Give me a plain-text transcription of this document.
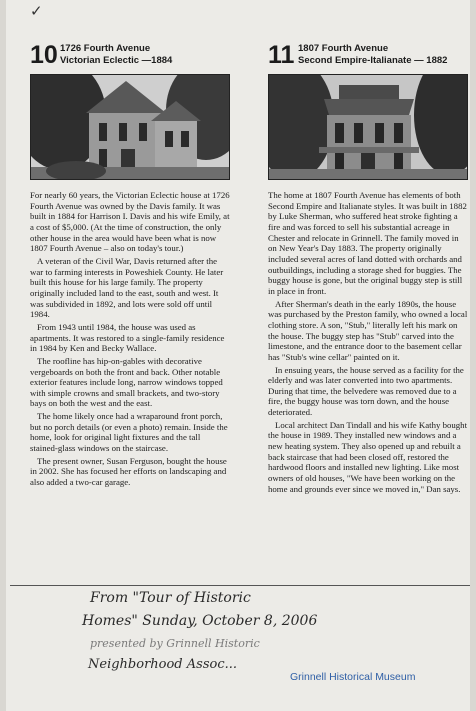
✓
10 1726 Fourth Avenue
Victorian Eclectic —1884

For nearly 60 years, the Victorian Eclectic house at 1726 Fourth Avenue was owned by the Davis family. It was built in 1884 for Harrison I. Davis and his wife Emily, at a cost of $5,000. (At the time of construction, the only other house in the area would have been what is now 1807 Fourth Avenue – also on today's tour.)

A veteran of the Civil War, Davis returned after the war to farming interests in Poweshiek County. He later built this house for his large family. The property originally included land to the east, south and west. It was subdivided in 1892, and lots were sold off until 1984.

From 1943 until 1984, the house was used as apartments. It was restored to a single-family residence in 1984 by Ken and Becky Wallace.

The roofline has hip-on-gables with decorative vergeboards on both the front and back. Other notable exterior features include long, narrow windows topped with simple crowns and small brackets, and two-story bays on both the west and the east.

The home likely once had a wraparound front porch, but no porch details (or even a photo) remain. Inside the home, look for original light fixtures and the tall stained-glass windows on the staircase.

The present owner, Susan Ferguson, bought the house in 2002. She has focused her efforts on landscaping and also added a two-car garage.

11 1807 Fourth Avenue
Second Empire-Italianate — 1882

The home at 1807 Fourth Avenue has elements of both Second Empire and Italianate styles. It was built in 1882 by Luke Sherman, who suffered heat stroke fighting a fire and was forced to sell his substantial acreage in Chester and relocate in Grinnell. The family moved in on New Year's Day 1883. The property originally included several acres of land dotted with orchards and outbuildings, including a storage shed for buggies. The buggy house is gone, but the original buggy step is still in place in front.

After Sherman's death in the early 1890s, the house was purchased by the Preston family, who owned a local clothing store. A son, "Stub," literally left his mark on the house. The buggy step has "Stub" carved into the limestone, and the entrance door to the basement cellar has "Stub's wine cellar" painted on it.

In ensuing years, the house served as a facility for the elderly and was later converted into two apartments. During that time, the belvedere was removed due to a fire, the buggy house was torn down, and the house deteriorated.

Local architect Dan Tindall and his wife Kathy bought the house in 1989. They installed new windows and a new heating system. They also opened up and rebuilt a back staircase that had been closed off, restored the hardwood floors and installed new lighting. Like most owners of old houses, "We have been working on the home and grounds ever since we moved in," Dan says.

From "Tour of Historic
Homes" Sunday, October 8, 2006
presented by Grinnell Historic
Neighborhood Assoc...
Grinnell Historical Museum
